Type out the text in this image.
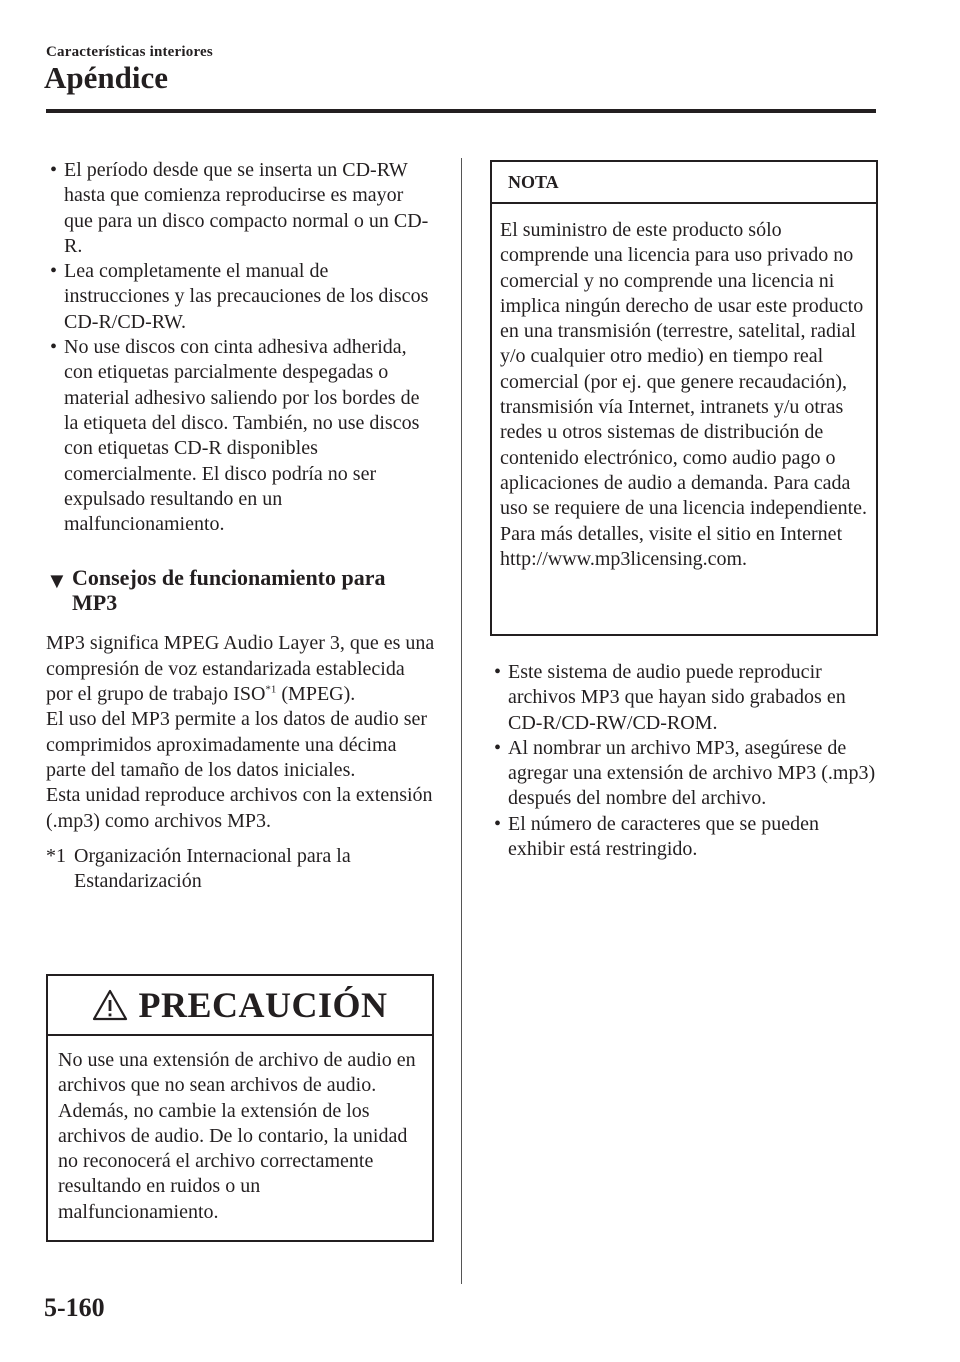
Características interiores
Apéndice
• El período desde que se inserta un CD-RW hasta que comienza reproducirse es mayor que para un disco compacto normal o un CD-R.
• Lea completamente el manual de instrucciones y las precauciones de los discos CD-R/CD-RW.
• No use discos con cinta adhesiva adherida, con etiquetas parcialmente despegadas o material adhesivo saliendo por los bordes de la etiqueta del disco. También, no use discos con etiquetas CD-R disponibles comercialmente. El disco podría no ser expulsado resultando en un malfuncionamiento.
▼ Consejos de funcionamiento para MP3

MP3 significa MPEG Audio Layer 3, que es una compresión de voz estandarizada establecida por el grupo de trabajo ISO$^{*1}$ (MPEG).

El uso del MP3 permite a los datos de audio ser comprimidos aproximadamente una décima parte del tamaño de los datos iniciales.

Esta unidad reproduce archivos con la extensión (.mp3) como archivos MP3.

*1 Organización Internacional para la Estandarización
PRECAUCIÓN
No use una extensión de archivo de audio en archivos que no sean archivos de audio. Además, no cambie la extensión de los archivos de audio. De lo contario, la unidad no reconocerá el archivo correctamente resultando en ruidos o un malfuncionamiento.
NOTA
El suministro de este producto sólo comprende una licencia para uso privado no comercial y no comprende una licencia ni implica ningún derecho de usar este producto en una transmisión (terrestre, satelital, radial y/o cualquier otro medio) en tiempo real comercial (por ej. que genere recaudación), transmisión vía Internet, intranets y/u otras redes u otros sistemas de distribución de contenido electrónico, como audio pago o aplicaciones de audio a demanda. Para cada uso se requiere de una licencia independiente. Para más detalles, visite el sitio en Internet http://www.mp3licensing.com.
• Este sistema de audio puede reproducir archivos MP3 que hayan sido grabados en CD-R/CD-RW/CD-ROM.
• Al nombrar un archivo MP3, asegúrese de agregar una extensión de archivo MP3 (.mp3) después del nombre del archivo.
• El número de caracteres que se pueden exhibir está restringido.
5-160
